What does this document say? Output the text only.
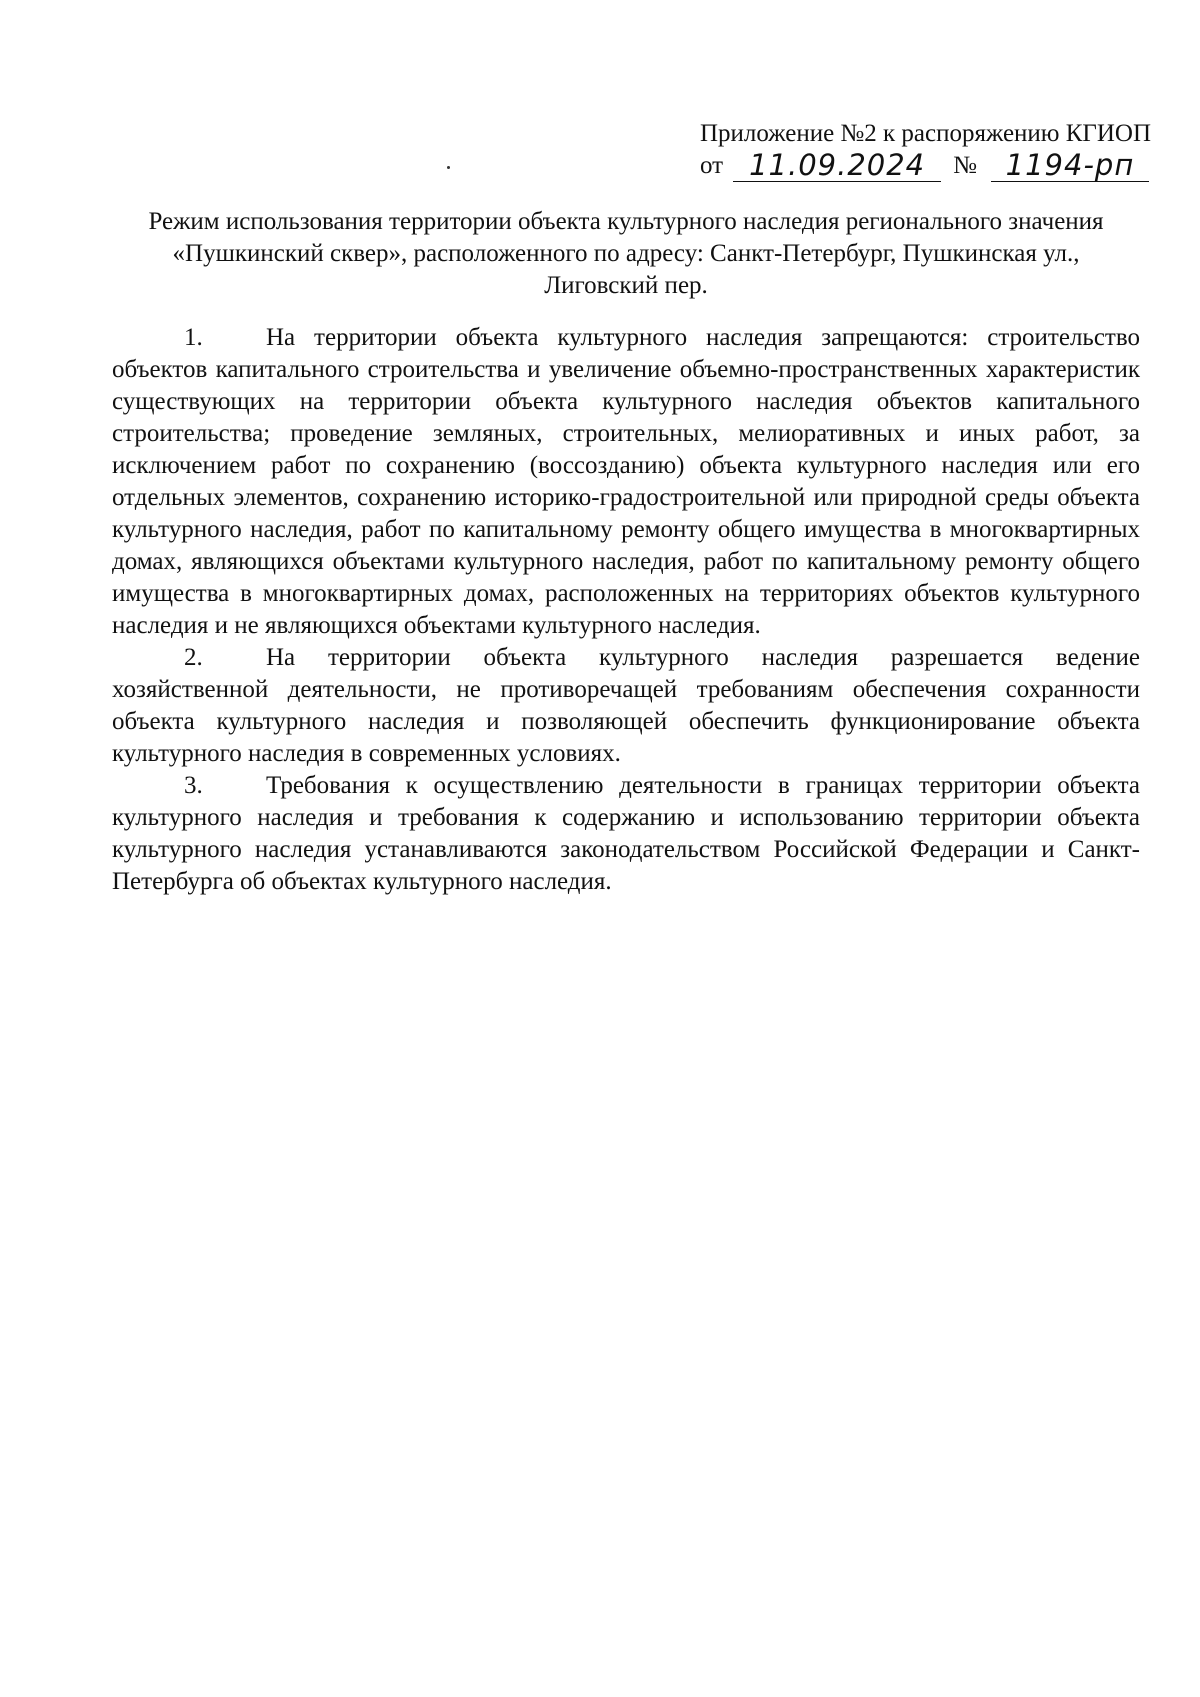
Приложение №2 к распоряжению КГИОП
от 11.09.2024	№ 1194-рп
Режим использования территории объекта культурного наследия регионального значения
«Пушкинский сквер», расположенного по адресу: Санкт-Петербург, Пушкинская ул.,
Лиговский пер.

1.	На территории объекта культурного наследия запрещаются: строительство объектов капитального строительства и увеличение объемно-пространственных характеристик существующих на территории объекта культурного наследия объектов капитального строительства; проведение земляных, строительных, мелиоративных и иных работ, за исключением работ по сохранению (воссозданию) объекта культурного наследия или его отдельных элементов, сохранению историко-градостроительной или природной среды объекта культурного наследия, работ по капитальному ремонту общего имущества в многоквартирных домах, являющихся объектами культурного наследия, работ по капитальному ремонту общего имущества в многоквартирных домах, расположенных на территориях объектов культурного наследия и не являющихся объектами культурного наследия.

2.	На территории объекта культурного наследия разрешается ведение хозяйственной деятельности, не противоречащей требованиям обеспечения сохранности объекта культурного наследия и позволяющей обеспечить функционирование объекта культурного наследия в современных условиях.

3.	Требования к осуществлению деятельности в границах территории объекта культурного наследия и требования к содержанию и использованию территории объекта культурного наследия устанавливаются законодательством Российской Федерации и Санкт-Петербурга об объектах культурного наследия.
